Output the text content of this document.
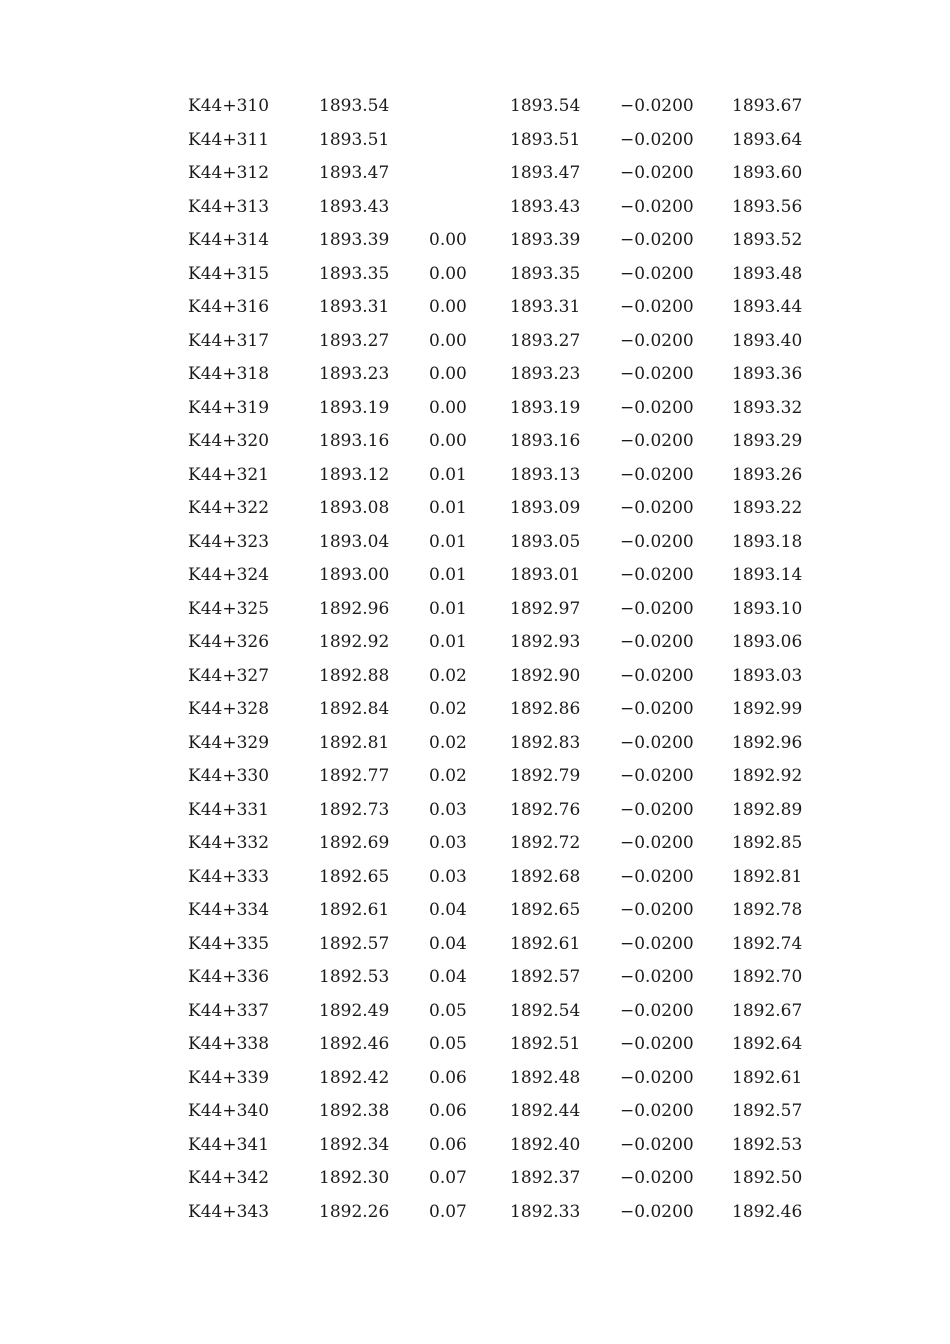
K44+310	1893.54		1893.54	−0.0200	1893.67
K44+311	1893.51		1893.51	−0.0200	1893.64
K44+312	1893.47		1893.47	−0.0200	1893.60
K44+313	1893.43		1893.43	−0.0200	1893.56
K44+314	1893.39	0.00	1893.39	−0.0200	1893.52
K44+315	1893.35	0.00	1893.35	−0.0200	1893.48
K44+316	1893.31	0.00	1893.31	−0.0200	1893.44
K44+317	1893.27	0.00	1893.27	−0.0200	1893.40
K44+318	1893.23	0.00	1893.23	−0.0200	1893.36
K44+319	1893.19	0.00	1893.19	−0.0200	1893.32
K44+320	1893.16	0.00	1893.16	−0.0200	1893.29
K44+321	1893.12	0.01	1893.13	−0.0200	1893.26
K44+322	1893.08	0.01	1893.09	−0.0200	1893.22
K44+323	1893.04	0.01	1893.05	−0.0200	1893.18
K44+324	1893.00	0.01	1893.01	−0.0200	1893.14
K44+325	1892.96	0.01	1892.97	−0.0200	1893.10
K44+326	1892.92	0.01	1892.93	−0.0200	1893.06
K44+327	1892.88	0.02	1892.90	−0.0200	1893.03
K44+328	1892.84	0.02	1892.86	−0.0200	1892.99
K44+329	1892.81	0.02	1892.83	−0.0200	1892.96
K44+330	1892.77	0.02	1892.79	−0.0200	1892.92
K44+331	1892.73	0.03	1892.76	−0.0200	1892.89
K44+332	1892.69	0.03	1892.72	−0.0200	1892.85
K44+333	1892.65	0.03	1892.68	−0.0200	1892.81
K44+334	1892.61	0.04	1892.65	−0.0200	1892.78
K44+335	1892.57	0.04	1892.61	−0.0200	1892.74
K44+336	1892.53	0.04	1892.57	−0.0200	1892.70
K44+337	1892.49	0.05	1892.54	−0.0200	1892.67
K44+338	1892.46	0.05	1892.51	−0.0200	1892.64
K44+339	1892.42	0.06	1892.48	−0.0200	1892.61
K44+340	1892.38	0.06	1892.44	−0.0200	1892.57
K44+341	1892.34	0.06	1892.40	−0.0200	1892.53
K44+342	1892.30	0.07	1892.37	−0.0200	1892.50
K44+343	1892.26	0.07	1892.33	−0.0200	1892.46
